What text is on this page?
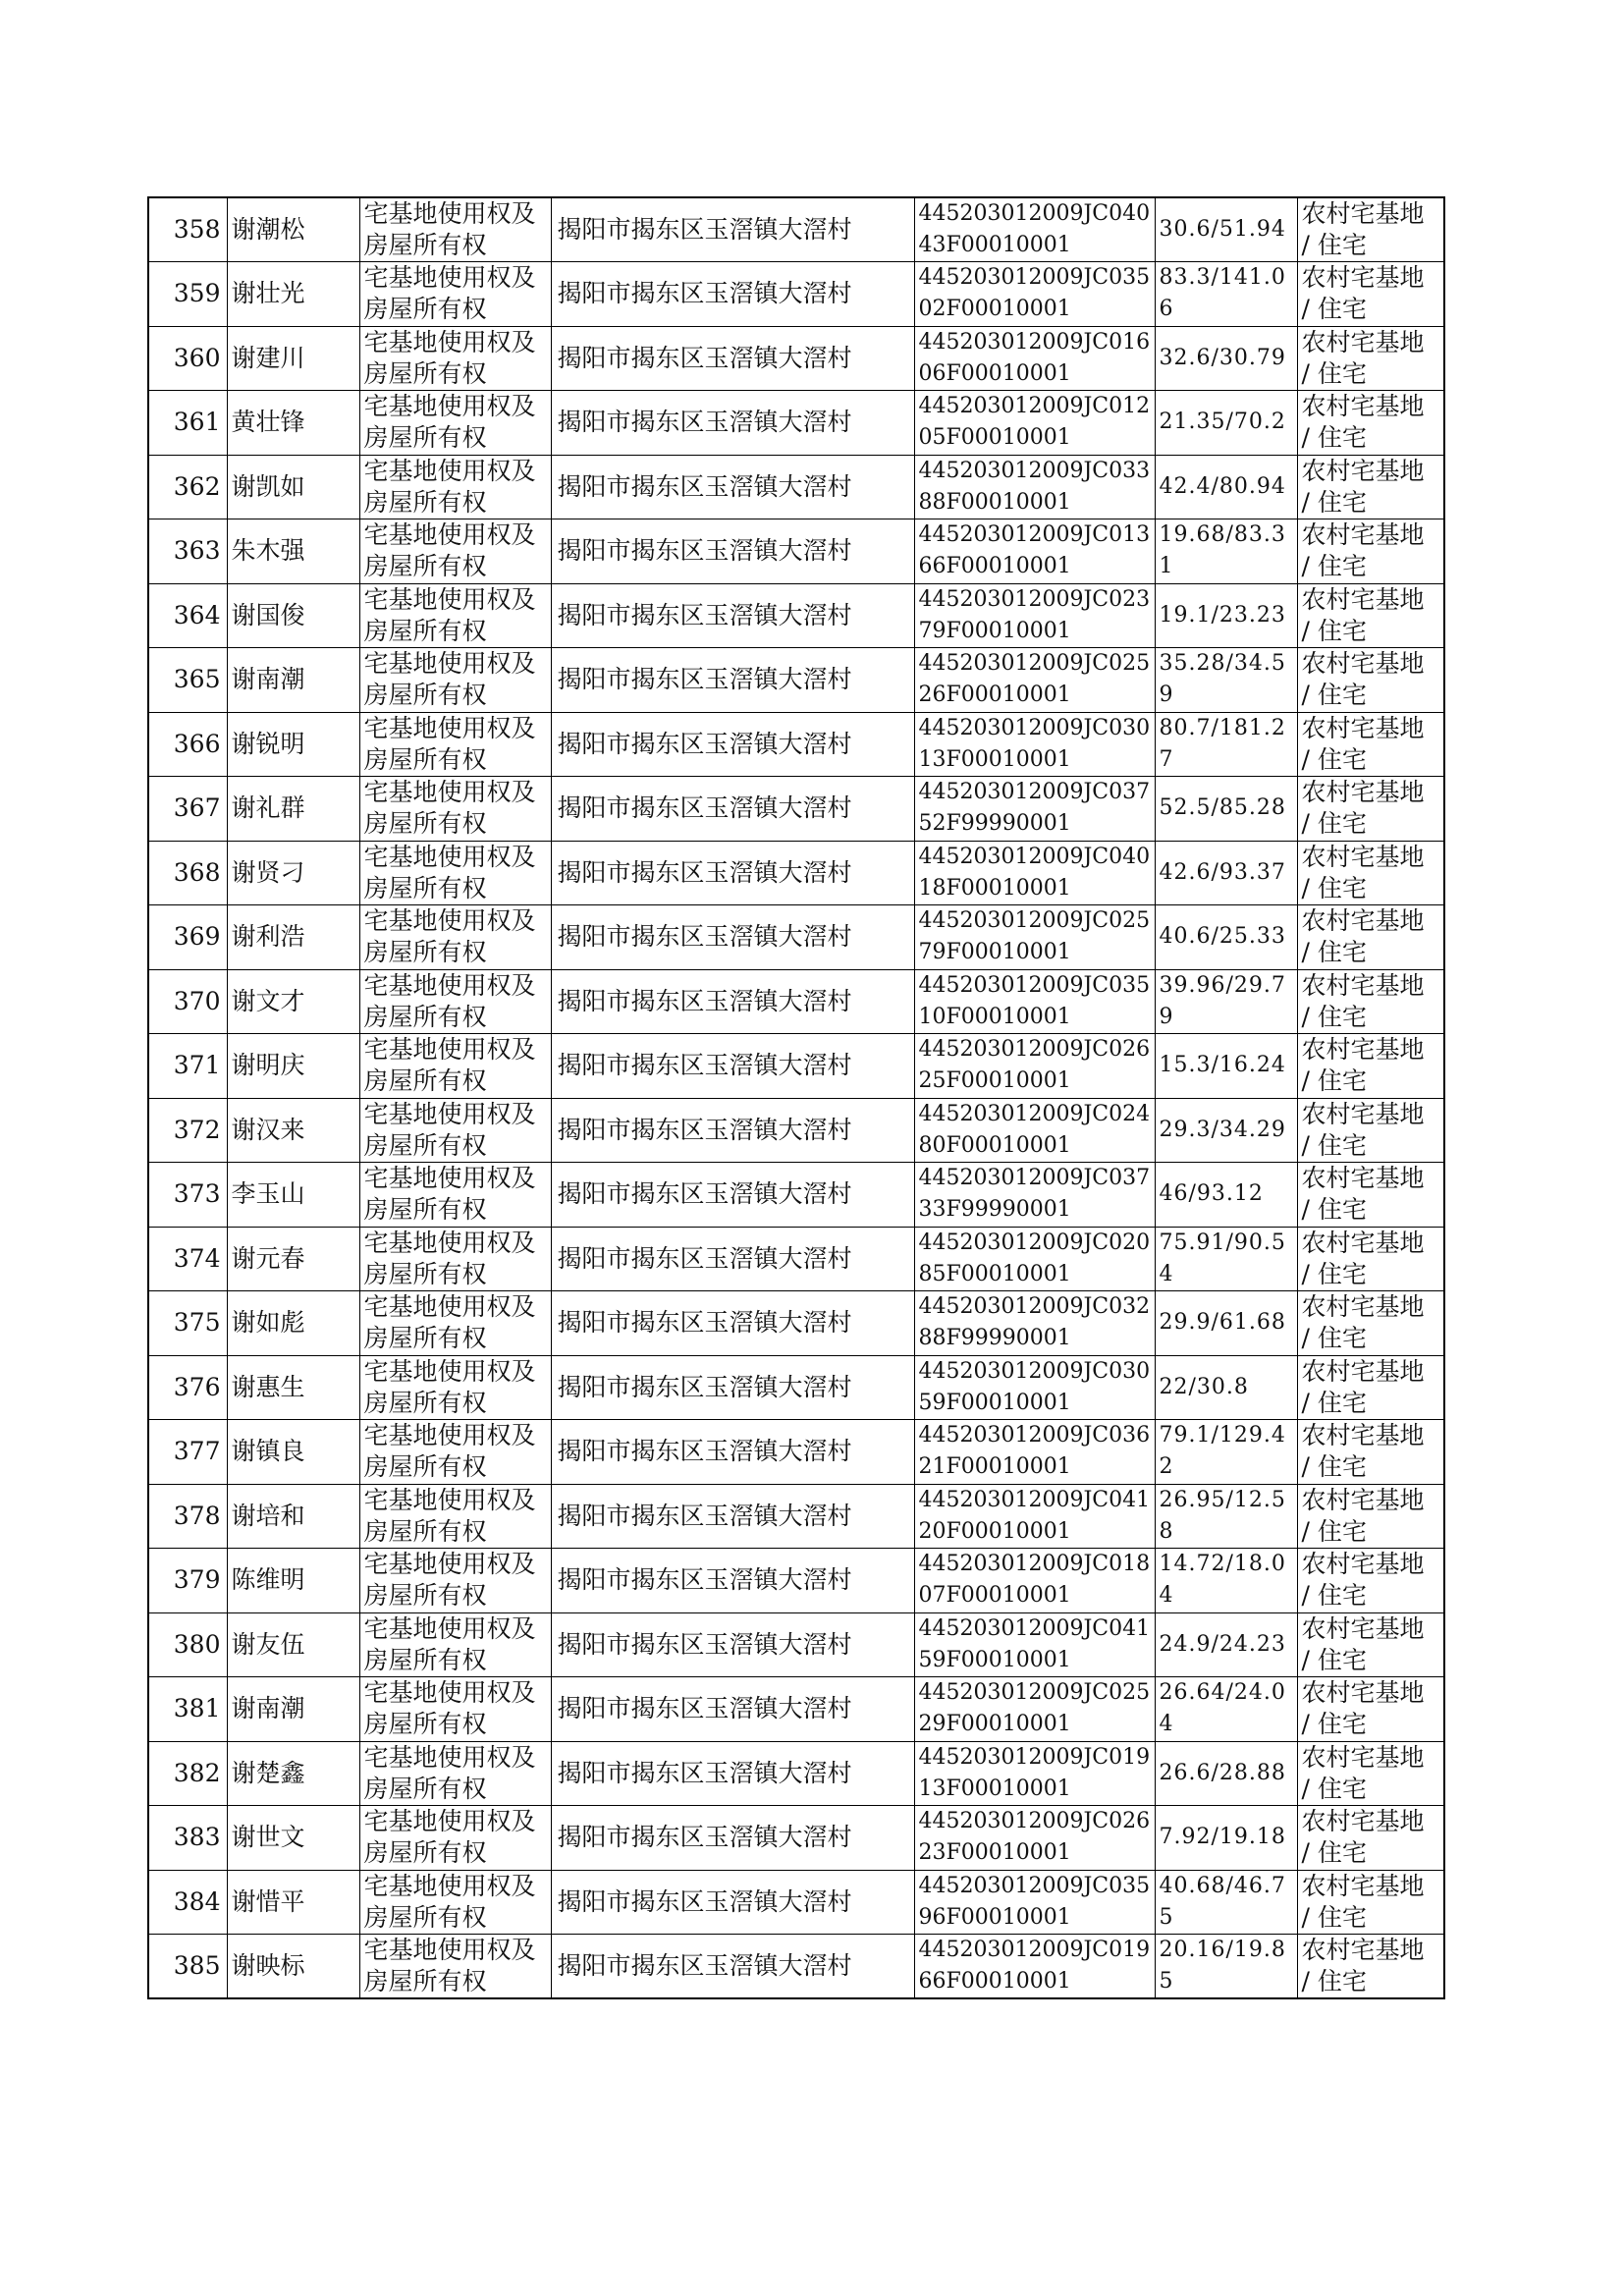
358	谢潮松	宅基地使用权及房屋所有权	揭阳市揭东区玉滘镇大滘村	445203012009JC04043F00010001	30.6/51.94	农村宅基地 / 住宅
359	谢壮光	宅基地使用权及房屋所有权	揭阳市揭东区玉滘镇大滘村	445203012009JC03502F00010001	83.3/141.06	农村宅基地 / 住宅
360	谢建川	宅基地使用权及房屋所有权	揭阳市揭东区玉滘镇大滘村	445203012009JC01606F00010001	32.6/30.79	农村宅基地 / 住宅
361	黄壮锋	宅基地使用权及房屋所有权	揭阳市揭东区玉滘镇大滘村	445203012009JC01205F00010001	21.35/70.2	农村宅基地 / 住宅
362	谢凯如	宅基地使用权及房屋所有权	揭阳市揭东区玉滘镇大滘村	445203012009JC03388F00010001	42.4/80.94	农村宅基地 / 住宅
363	朱木强	宅基地使用权及房屋所有权	揭阳市揭东区玉滘镇大滘村	445203012009JC01366F00010001	19.68/83.31	农村宅基地 / 住宅
364	谢国俊	宅基地使用权及房屋所有权	揭阳市揭东区玉滘镇大滘村	445203012009JC02379F00010001	19.1/23.23	农村宅基地 / 住宅
365	谢南潮	宅基地使用权及房屋所有权	揭阳市揭东区玉滘镇大滘村	445203012009JC02526F00010001	35.28/34.59	农村宅基地 / 住宅
366	谢锐明	宅基地使用权及房屋所有权	揭阳市揭东区玉滘镇大滘村	445203012009JC03013F00010001	80.7/181.27	农村宅基地 / 住宅
367	谢礼群	宅基地使用权及房屋所有权	揭阳市揭东区玉滘镇大滘村	445203012009JC03752F99990001	52.5/85.28	农村宅基地 / 住宅
368	谢贤刁	宅基地使用权及房屋所有权	揭阳市揭东区玉滘镇大滘村	445203012009JC04018F00010001	42.6/93.37	农村宅基地 / 住宅
369	谢利浩	宅基地使用权及房屋所有权	揭阳市揭东区玉滘镇大滘村	445203012009JC02579F00010001	40.6/25.33	农村宅基地 / 住宅
370	谢文才	宅基地使用权及房屋所有权	揭阳市揭东区玉滘镇大滘村	445203012009JC03510F00010001	39.96/29.79	农村宅基地 / 住宅
371	谢明庆	宅基地使用权及房屋所有权	揭阳市揭东区玉滘镇大滘村	445203012009JC02625F00010001	15.3/16.24	农村宅基地 / 住宅
372	谢汉来	宅基地使用权及房屋所有权	揭阳市揭东区玉滘镇大滘村	445203012009JC02480F00010001	29.3/34.29	农村宅基地 / 住宅
373	李玉山	宅基地使用权及房屋所有权	揭阳市揭东区玉滘镇大滘村	445203012009JC03733F99990001	46/93.12	农村宅基地 / 住宅
374	谢元春	宅基地使用权及房屋所有权	揭阳市揭东区玉滘镇大滘村	445203012009JC02085F00010001	75.91/90.54	农村宅基地 / 住宅
375	谢如彪	宅基地使用权及房屋所有权	揭阳市揭东区玉滘镇大滘村	445203012009JC03288F99990001	29.9/61.68	农村宅基地 / 住宅
376	谢惠生	宅基地使用权及房屋所有权	揭阳市揭东区玉滘镇大滘村	445203012009JC03059F00010001	22/30.8	农村宅基地 / 住宅
377	谢镇良	宅基地使用权及房屋所有权	揭阳市揭东区玉滘镇大滘村	445203012009JC03621F00010001	79.1/129.42	农村宅基地 / 住宅
378	谢培和	宅基地使用权及房屋所有权	揭阳市揭东区玉滘镇大滘村	445203012009JC04120F00010001	26.95/12.58	农村宅基地 / 住宅
379	陈维明	宅基地使用权及房屋所有权	揭阳市揭东区玉滘镇大滘村	445203012009JC01807F00010001	14.72/18.04	农村宅基地 / 住宅
380	谢友伍	宅基地使用权及房屋所有权	揭阳市揭东区玉滘镇大滘村	445203012009JC04159F00010001	24.9/24.23	农村宅基地 / 住宅
381	谢南潮	宅基地使用权及房屋所有权	揭阳市揭东区玉滘镇大滘村	445203012009JC02529F00010001	26.64/24.04	农村宅基地 / 住宅
382	谢楚鑫	宅基地使用权及房屋所有权	揭阳市揭东区玉滘镇大滘村	445203012009JC01913F00010001	26.6/28.88	农村宅基地 / 住宅
383	谢世文	宅基地使用权及房屋所有权	揭阳市揭东区玉滘镇大滘村	445203012009JC02623F00010001	7.92/19.18	农村宅基地 / 住宅
384	谢惜平	宅基地使用权及房屋所有权	揭阳市揭东区玉滘镇大滘村	445203012009JC03596F00010001	40.68/46.75	农村宅基地 / 住宅
385	谢映标	宅基地使用权及房屋所有权	揭阳市揭东区玉滘镇大滘村	445203012009JC01966F00010001	20.16/19.85	农村宅基地 / 住宅
